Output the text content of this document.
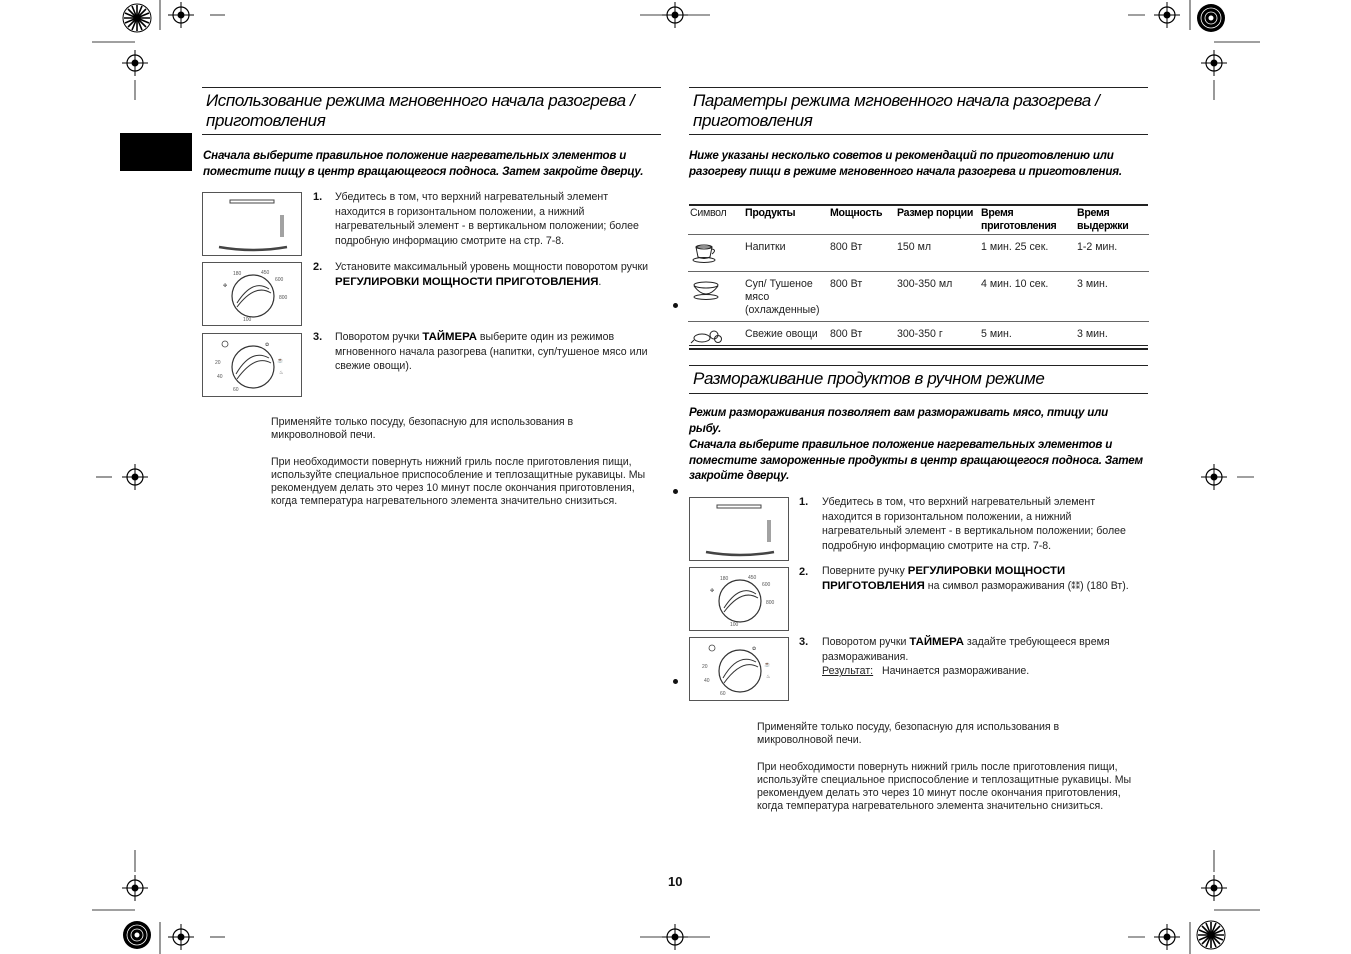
Использование режима мгновенного начала разогрева / приготовления
Сначала выберите правильное положение нагревательных элементов и поместите пищу в центр вращающегося подноса. Затем закройте дверцу.
180	450
600
800
✤
100
20
40
60
☕
♨
✿
1. Убедитесь в том, что верхний нагревательный элемент находится в горизонтальном положении, а нижний нагревательный элемент - в вертикальном положении; более подробную информацию смотрите на стр. 7-8.
2. Установите максимальный уровень мощности поворотом ручки РЕГУЛИРОВКИ МОЩНОСТИ ПРИГОТОВЛЕНИЯ.
3. Поворотом ручки ТАЙМЕРА выберите один из режимов мгновенного начала разогрева (напитки, суп/тушеное мясо или свежие овощи).
Применяйте только посуду, безопасную для использования в микроволновой печи.
При необходимости повернуть нижний гриль после приготовления пищи, используйте специальное приспособление и теплозащитные рукавицы. Мы рекомендуем делать это через 10 минут после окончания приготовления, когда температура нагревательного элемента значительно снизиться.
Параметры режима мгновенного начала разогрева / приготовления
Ниже указаны несколько советов и рекомендаций по приготовлению или разогреву пищи в режиме мгновенного начала разогрева и приготовления.
Символ	Продукты	Мощность	Размер порции	Время приготовления	Время выдержки
	Напитки	800 Вт	150 мл	1 мин. 25 сек.	1-2 мин.
	Суп/ Тушеное мясо (охлажденные)	800 Вт	300-350 мл	4 мин. 10 сек.	3 мин.
	Свежие овощи	800 Вт	300-350 г	5 мин.	3 мин.
Размораживание продуктов в ручном режиме
Режим размораживания позволяет вам размораживать мясо, птицу или рыбу.
Сначала выберите правильное положение нагревательных элементов и поместите замороженные продукты в центр вращающегося подноса. Затем закройте дверцу.
180	450
600
800
✤
100
20
40
60
☕
♨
✿
1. Убедитесь в том, что верхний нагревательный элемент находится в горизонтальном положении, а нижний нагревательный элемент - в вертикальном положении; более подробную информацию смотрите на стр. 7-8.
2. Поверните ручку РЕГУЛИРОВКИ МОЩНОСТИ ПРИГОТОВЛЕНИЯ на символ размораживания (⁑⁑) (180 Вт).
3. Поворотом ручки ТАЙМЕРА задайте требующееся время размораживания.
Результат: Начинается размораживание.
Применяйте только посуду, безопасную для использования в микроволновой печи.
При необходимости повернуть нижний гриль после приготовления пищи, используйте специальное приспособление и теплозащитные рукавицы. Мы рекомендуем делать это через 10 минут после окончания приготовления, когда температура нагревательного элемента значительно снизиться.
10
